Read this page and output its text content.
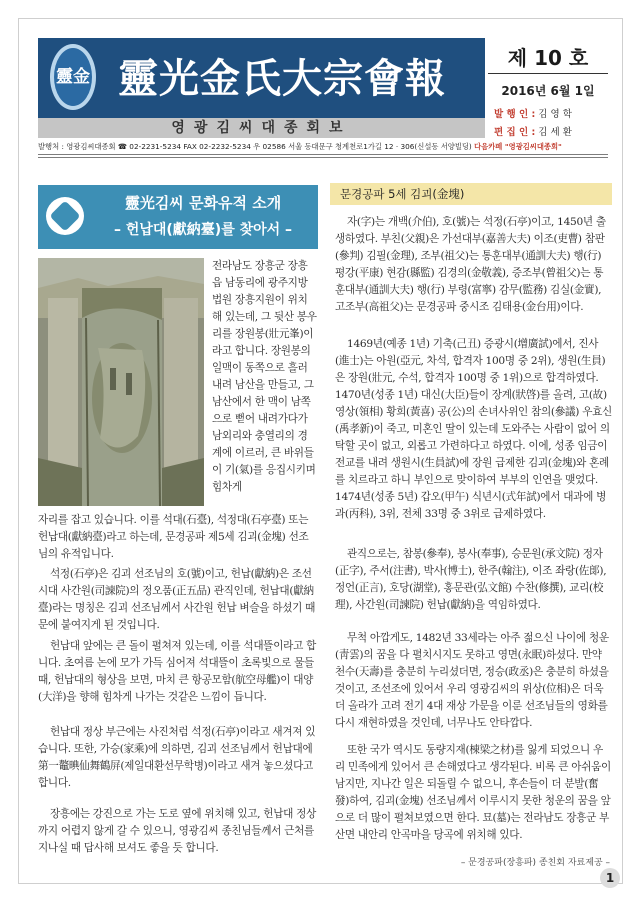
靈金 靈光金氏大宗會報
영광김씨대종회보
제 10 호
2016년 6월 1일
발 행 인 : 김 영 학
편 집 인 : 김 세 환
발행처 : 영광김씨대종회 ☎ 02-2231-5234 FAX 02-2232-5234 우 02586 서울 동대문구 청계천로1가길 12 · 306(신설동 서양빌딩) 다음카페 "영광김씨대종회"
靈光김씨 문화유적 소개
– 헌납대(獻納臺)를 찾아서 –

전라남도 장흥군 장흥읍 남동리에 광주지방법원 장흥지원이 위치해 있는데, 그 뒷산 봉우리를 장원봉(壯元峯)이라고 합니다. 장원봉의 일맥이 동쪽으로 흘러 내려 남산을 만들고, 그 남산에서 한 맥이 남쪽으로 뻗어 내려가다가 남외리와 충열리의 경계에 이르러, 큰 바위들이 기(氣)를 응집시키며 힘차게

자리를 잡고 있습니다. 이를 석대(石臺), 석정대(石亭臺) 또는 헌납대(獻納臺)라고 하는데, 문경공파 제5세 김괴(金塊) 선조님의 유적입니다.

석정(石亭)은 김괴 선조님의 호(號)이고, 헌납(獻納)은 조선시대 사간원(司諫院)의 정오품(正五品) 관직인데, 헌납대(獻納臺)라는 명칭은 김괴 선조님께서 사간원 헌납 벼슬을 하셨기 때문에 붙여지게 된 것입니다.

헌납대 앞에는 큰 돌이 펼쳐져 있는데, 이를 석대뜰이라고 합니다. 초여름 논에 모가 가득 심어져 석대뜰이 초록빛으로 물들 때, 헌납대의 형상을 보면, 마치 큰 항공모함(航空母艦)이 대양(大洋)을 향해 힘차게 나가는 것같은 느낌이 듭니다.

헌납대 정상 부근에는 사진처럼 석정(石亭)이라고 새겨져 있습니다. 또한, 가승(家乘)에 의하면, 김괴 선조님께서 헌납대에 第一鼇晪仙舞鶴屏(제일대환선무학병)이라고 새겨 놓으셨다고 합니다.

장흥에는 강진으로 가는 도로 옆에 위치해 있고, 헌납대 정상까지 어렵지 않게 갈 수 있으니, 영광김씨 종친님들께서 근처를 지나실 때 답사해 보셔도 좋을 듯 합니다.

문경공파 5세 김괴(金塊)

자(字)는 개백(介伯), 호(號)는 석정(石亭)이고, 1450년 출생하였다. 부친(父親)은 가선대부(嘉善大夫) 이조(吏曹) 참판(參判) 김필(金理), 조부(祖父)는 통훈대부(通訓大夫) 행(行) 평강(平康) 현감(縣監) 김경의(金敬義), 증조부(曾祖父)는 통훈대부(通訓大夫) 행(行) 부령(富寧) 감무(監務) 김실(金實), 고조부(高祖父)는 문경공파 중시조 김태용(金台用)이다.

1469년(예종 1년) 기축(己丑) 증광시(增廣試)에서, 진사(進士)는 아원(亞元, 차석, 합격자 100명 중 2위), 생원(生員)은 장원(壯元, 수석, 합격자 100명 중 1위)으로 합격하였다. 1470년(성종 1년) 대신(大臣)들이 장계(狀啓)를 올려, 고(故) 영상(領相) 황희(黃喜) 공(公)의 손녀사위인 참의(參議) 우효신(禹孝新)이 죽고, 미혼인 딸이 있는데 도와주는 사람이 없어 의탁할 곳이 없고, 외롭고 가련하다고 하였다. 이에, 성종 임금이 전교를 내려 생원시(生員試)에 장원 급제한 김괴(金塊)와 혼례를 치르라고 하니 부인으로 맞이하여 부부의 인연을 맺었다. 1474년(성종 5년) 갑오(甲午) 식년시(式年試)에서 대과에 병과(丙科), 3위, 전체 33명 중 3위로 급제하였다.

관직으로는, 참봉(參奉), 봉사(奉事), 승문원(承文院) 정자(正字), 주서(注書), 박사(博士), 한주(翰注), 이조 좌랑(佐郞), 정언(正言), 호당(湖堂), 홍문관(弘文館) 수찬(修撰), 교리(校理), 사간원(司諫院) 헌납(獻納)을 역임하였다.

무척 아깝게도, 1482년 33세라는 아주 젊으신 나이에 청운(靑雲)의 꿈을 다 펼치시지도 못하고 영면(永眠)하셨다. 만약 천수(天壽)를 충분히 누리셨더면, 정승(政丞)은 충분히 하셨을 것이고, 조선조에 있어서 우리 영광김씨의 위상(位相)은 더욱 더 올라가 고려 전기 4대 재상 가문을 이룬 선조님들의 영화를 다시 재현하였을 것인데, 너무나도 안타깝다.

또한 국가 역시도 동량지재(棟梁之材)를 잃게 되었으니 우리 민족에게 있어서 큰 손해였다고 생각된다. 비록 큰 아쉬움이 남지만, 지나간 일은 되돌릴 수 없으니, 후손들이 더 분발(奮發)하여, 김괴(金塊) 선조님께서 이루시지 못한 청운의 꿈을 앞으로 더 많이 펼쳐보였으면 한다. 묘(墓)는 전라남도 장흥군 부산면 내안리 안곡마을 당곡에 위치해 있다.

– 문경공파(장흥파) 종친회 자료제공 –
1
